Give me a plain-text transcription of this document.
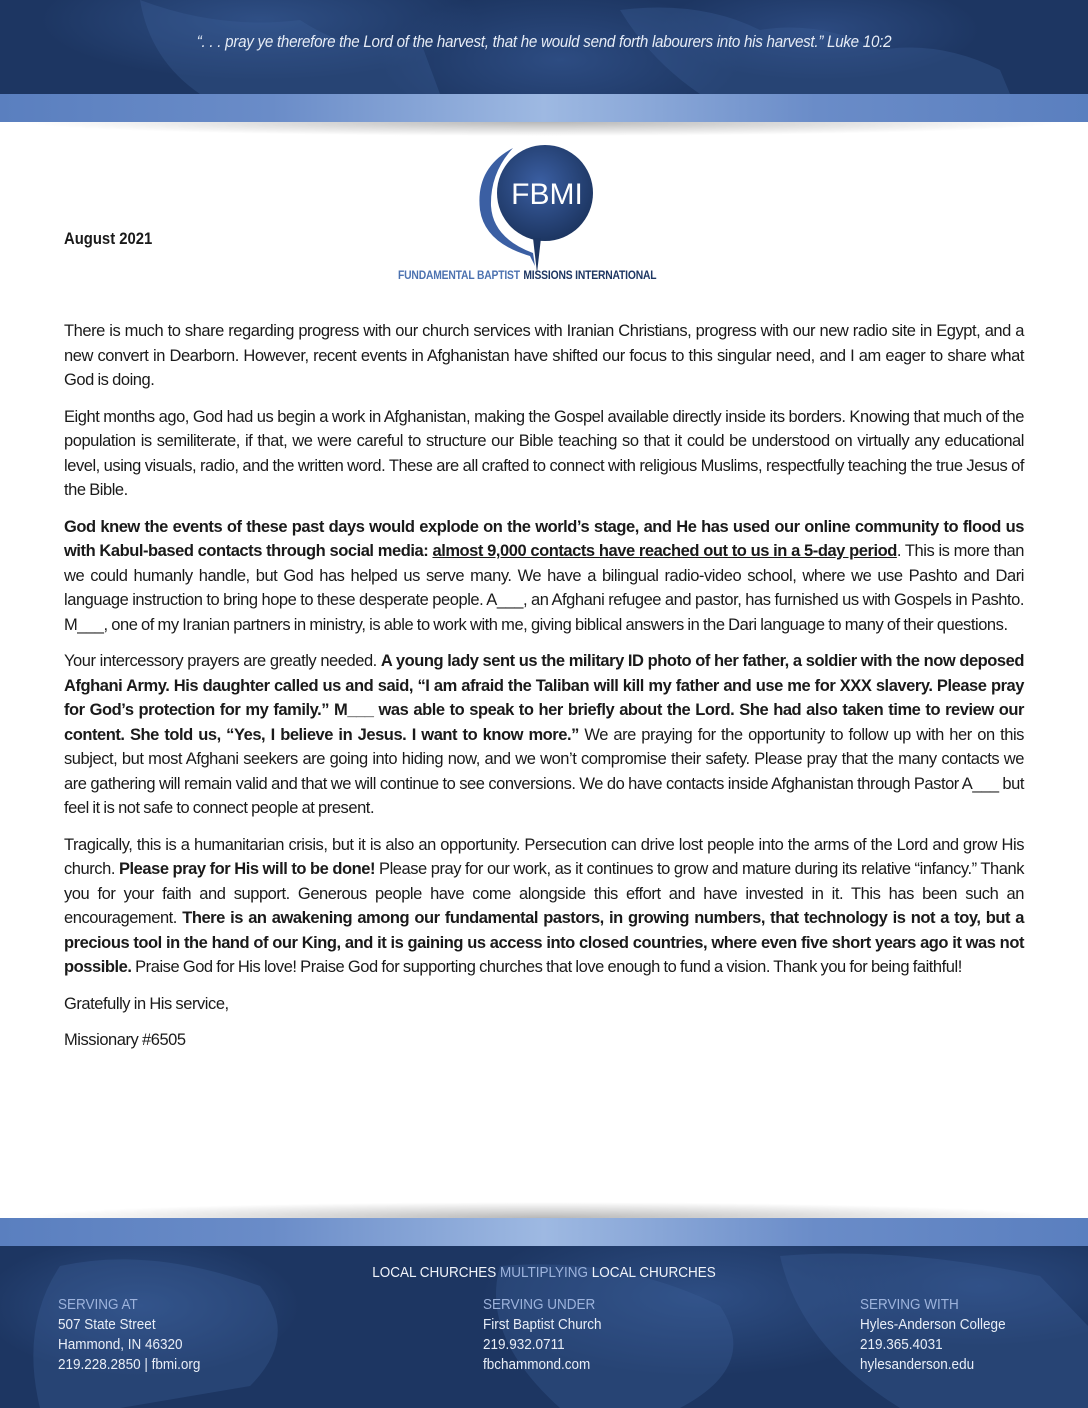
“. . . pray ye therefore the Lord of the harvest, that he would send forth labourers into his harvest.” Luke 10:2
FBMI
FUNDAMENTAL BAPTIST MISSIONS INTERNATIONAL
August 2021

There is much to share regarding progress with our church services with Iranian Christians, progress with our new radio site in Egypt, and a new convert in Dearborn. However, recent events in Afghanistan have shifted our focus to this singular need, and I am eager to share what God is doing.

Eight months ago, God had us begin a work in Afghanistan, making the Gospel available directly inside its borders. Knowing that much of the population is semiliterate, if that, we were careful to structure our Bible teaching so that it could be understood on virtually any educational level, using visuals, radio, and the written word. These are all crafted to connect with religious Muslims, respectfully teaching the true Jesus of the Bible.

God knew the events of these past days would explode on the world’s stage, and He has used our online community to flood us with Kabul-based contacts through social media: almost 9,000 contacts have reached out to us in a 5-day period. This is more than we could humanly handle, but God has helped us serve many. We have a bilingual radio-video school, where we use Pashto and Dari language instruction to bring hope to these desperate people. A___, an Afghani refugee and pastor, has furnished us with Gospels in Pashto. M___, one of my Iranian partners in ministry, is able to work with me, giving biblical answers in the Dari language to many of their questions.

Your intercessory prayers are greatly needed. A young lady sent us the military ID photo of her father, a soldier with the now deposed Afghani Army. His daughter called us and said, “I am afraid the Taliban will kill my father and use me for XXX slavery. Please pray for God’s protection for my family.” M___ was able to speak to her briefly about the Lord. She had also taken time to review our content. She told us, “Yes, I believe in Jesus. I want to know more.” We are praying for the opportunity to follow up with her on this subject, but most Afghani seekers are going into hiding now, and we won’t compromise their safety. Please pray that the many contacts we are gathering will remain valid and that we will continue to see conversions. We do have contacts inside Afghanistan through Pastor A___ but feel it is not safe to connect people at present.

Tragically, this is a humanitarian crisis, but it is also an opportunity. Persecution can drive lost people into the arms of the Lord and grow His church. Please pray for His will to be done! Please pray for our work, as it continues to grow and mature during its relative “infancy.” Thank you for your faith and support. Generous people have come alongside this effort and have invested in it. This has been such an encouragement. There is an awakening among our fundamental pastors, in growing numbers, that technology is not a toy, but a precious tool in the hand of our King, and it is gaining us access into closed countries, where even five short years ago it was not possible. Praise God for His love! Praise God for supporting churches that love enough to fund a vision. Thank you for being faithful!

Gratefully in His service,

Missionary #6505

LOCAL CHURCHES MULTIPLYING LOCAL CHURCHES
SERVING AT
507 State Street
Hammond, IN 46320
219.228.2850 | fbmi.org
SERVING UNDER
First Baptist Church
219.932.0711
fbchammond.com
SERVING WITH
Hyles-Anderson College
219.365.4031
hylesanderson.edu
